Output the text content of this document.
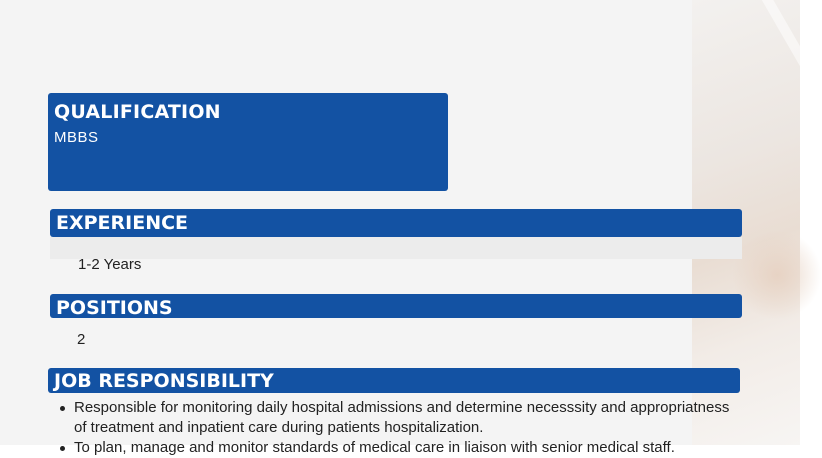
QUALIFICATION
MBBS
EXPERIENCE
1-2 Years
POSITIONS
2
JOB RESPONSIBILITY
Responsible for monitoring daily hospital admissions and determine necesssity and appropriatness of treatment and inpatient care during patients hospitalization.
To plan, manage and monitor standards of medical care in liaison with senior medical staff.
